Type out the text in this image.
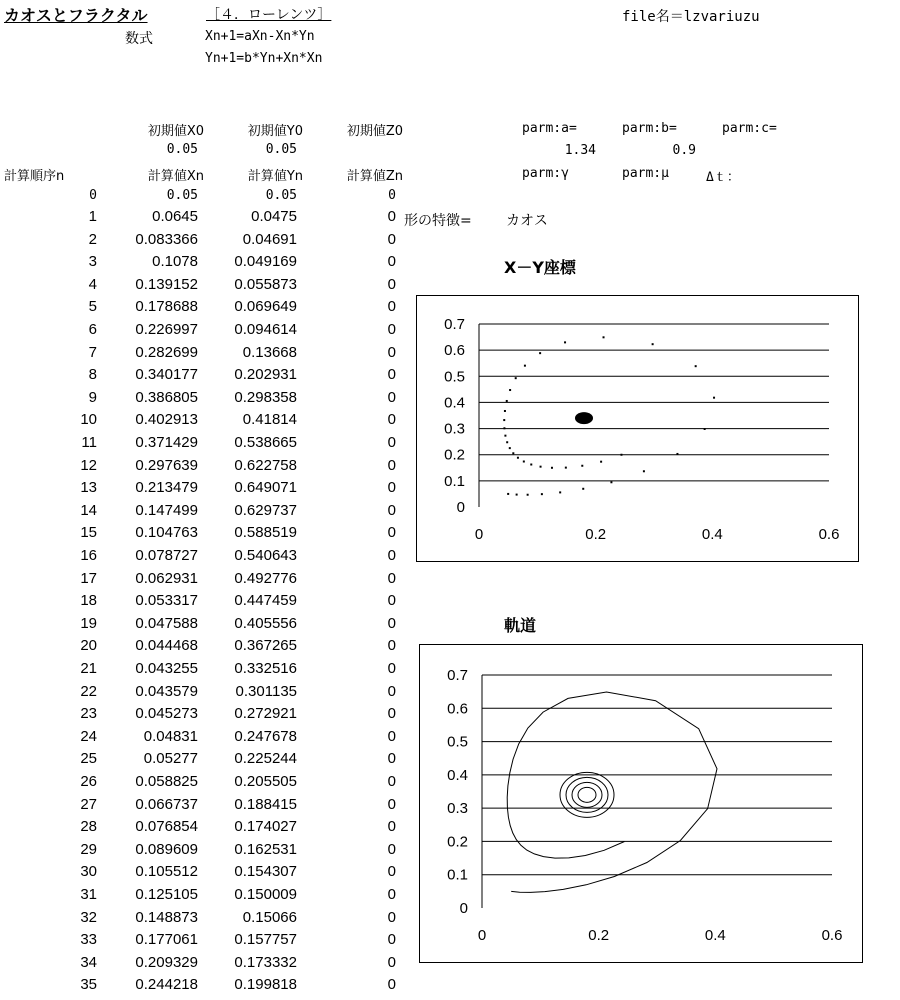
カオスとフラクタル	［４．ローレンツ］	file名＝lzvariuzu
数式	Xn+1=aXn-Xn*Yn
Yn+1=b*Yn+Xn*Xn
初期値X0	初期値Y0	初期値Z0
0.05	0.05
parm:a=	parm:b=	parm:c=
1.34	0.9
parm:γ	parm:μ	Δｔ：
計算順序n	計算値Xn	計算値Yn	計算値Zn
0	0.05	0.05	0
1	0.0645	0.0475	0
2	0.083366	0.04691	0
3	0.1078	0.049169	0
4	0.139152	0.055873	0
5	0.178688	0.069649	0
6	0.226997	0.094614	0
7	0.282699	0.13668	0
8	0.340177	0.202931	0
9	0.386805	0.298358	0
10	0.402913	0.41814	0
11	0.371429	0.538665	0
12	0.297639	0.622758	0
13	0.213479	0.649071	0
14	0.147499	0.629737	0
15	0.104763	0.588519	0
16	0.078727	0.540643	0
17	0.062931	0.492776	0
18	0.053317	0.447459	0
19	0.047588	0.405556	0
20	0.044468	0.367265	0
21	0.043255	0.332516	0
22	0.043579	0.301135	0
23	0.045273	0.272921	0
24	0.04831	0.247678	0
25	0.05277	0.225244	0
26	0.058825	0.205505	0
27	0.066737	0.188415	0
28	0.076854	0.174027	0
29	0.089609	0.162531	0
30	0.105512	0.154307	0
31	0.125105	0.150009	0
32	0.148873	0.15066	0
33	0.177061	0.157757	0
34	0.209329	0.173332	0
35	0.244218	0.199818	0
形の特徴= カオス
X－Y座標
0
0.1
0.2
0.3
0.4
0.5
0.6
0.7
0	0.2	0.4	0.6
軌道
0
0.1
0.2
0.3
0.4
0.5
0.6
0.7
0	0.2	0.4	0.6
